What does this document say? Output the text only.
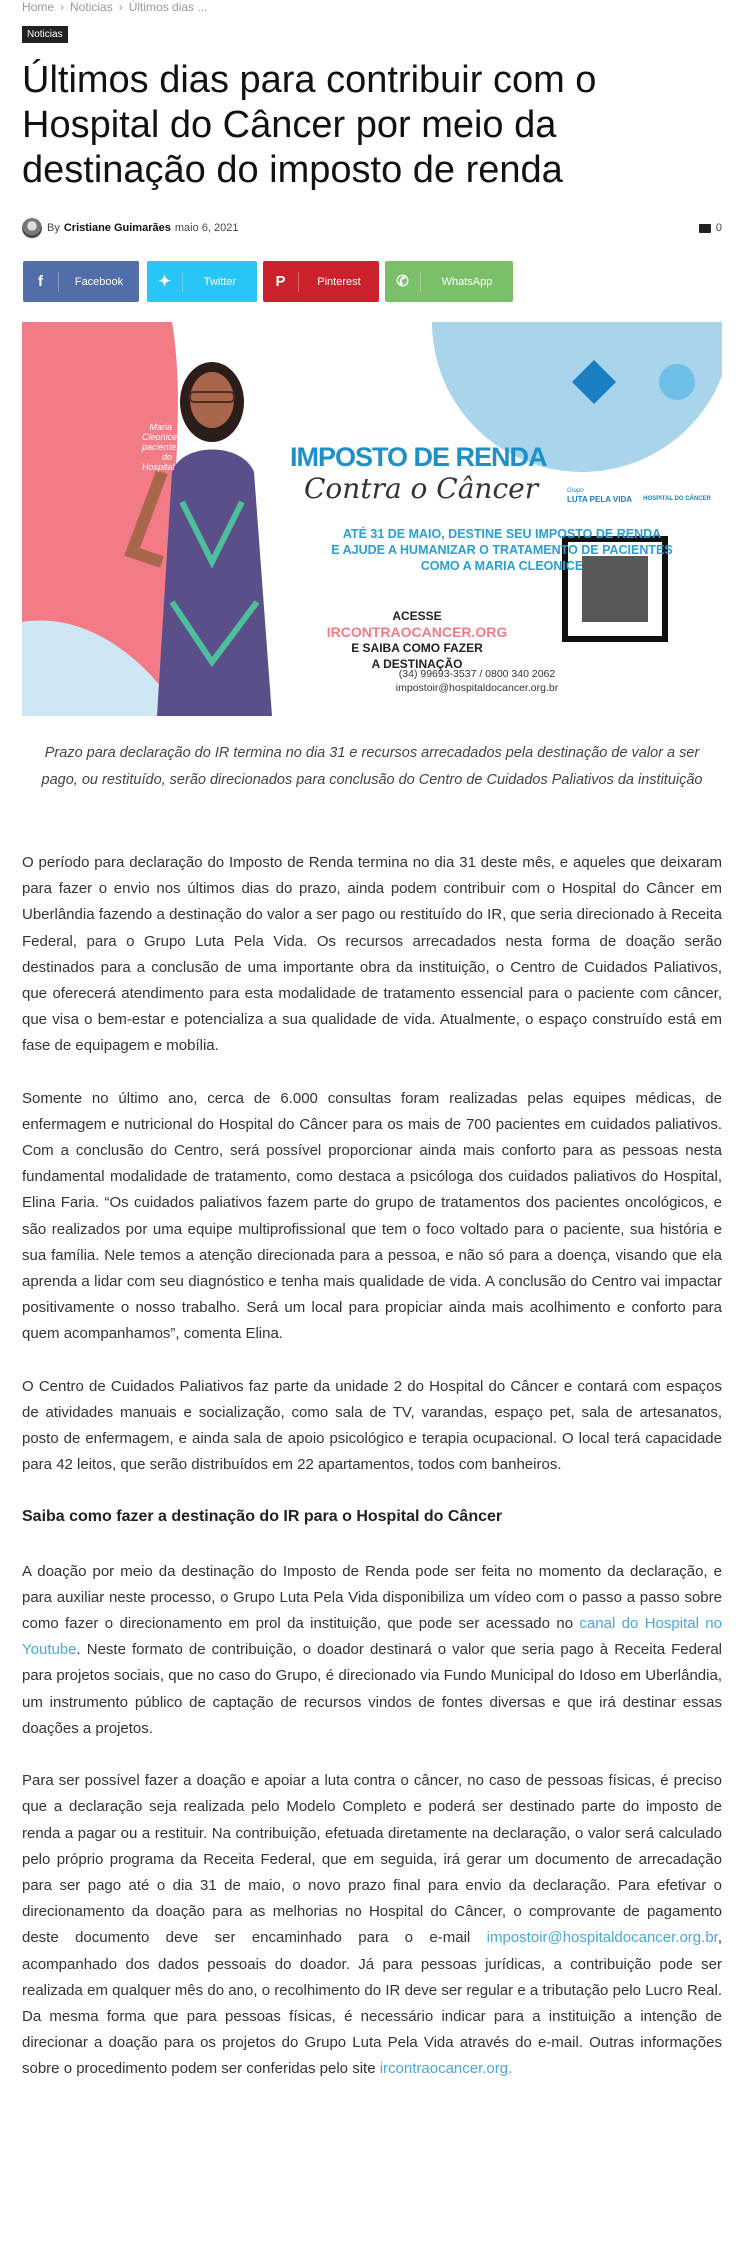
Home › Noticias › Últimos dias ...
Noticias
Últimos dias para contribuir com o Hospital do Câncer por meio da destinação do imposto de renda
By Cristiane Guimarães maio 6, 2021	0
f	Facebook	✦	Twitter	P	Pinterest	✆	WhatsApp
Maria Cleonice
paciente
do Hospital	IMPOSTO DE RENDA
Contra o Câncer	Grupo
LUTA PELA VIDA HOSPITAL DO CÂNCER
ATÉ 31 DE MAIO, DESTINE SEU IMPOSTO DE RENDA
E AJUDE A HUMANIZAR O TRATAMENTO DE PACIENTES
COMO A MARIA CLEONICE
ACESSE
IRCONTRAOCANCER.ORG
E SAIBA COMO FAZER
A DESTINAÇÃO
(34) 99693-3537 / 0800 340 2062
impostoir@hospitaldocancer.org.br
Prazo para declaração do IR termina no dia 31 e recursos arrecadados pela destinação de valor a ser pago, ou restituído, serão direcionados para conclusão do Centro de Cuidados Paliativos da instituição

O período para declaração do Imposto de Renda termina no dia 31 deste mês, e aqueles que deixaram para fazer o envio nos últimos dias do prazo, ainda podem contribuir com o Hospital do Câncer em Uberlândia fazendo a destinação do valor a ser pago ou restituído do IR, que seria direcionado à Receita Federal, para o Grupo Luta Pela Vida. Os recursos arrecadados nesta forma de doação serão destinados para a conclusão de uma importante obra da instituição, o Centro de Cuidados Paliativos, que oferecerá atendimento para esta modalidade de tratamento essencial para o paciente com câncer, que visa o bem-estar e potencializa a sua qualidade de vida. Atualmente, o espaço construído está em fase de equipagem e mobília.

Somente no último ano, cerca de 6.000 consultas foram realizadas pelas equipes médicas, de enfermagem e nutricional do Hospital do Câncer para os mais de 700 pacientes em cuidados paliativos. Com a conclusão do Centro, será possível proporcionar ainda mais conforto para as pessoas nesta fundamental modalidade de tratamento, como destaca a psicóloga dos cuidados paliativos do Hospital, Elina Faria. “Os cuidados paliativos fazem parte do grupo de tratamentos dos pacientes oncológicos, e são realizados por uma equipe multiprofissional que tem o foco voltado para o paciente, sua história e sua família. Nele temos a atenção direcionada para a pessoa, e não só para a doença, visando que ela aprenda a lidar com seu diagnóstico e tenha mais qualidade de vida. A conclusão do Centro vai impactar positivamente o nosso trabalho. Será um local para propiciar ainda mais acolhimento e conforto para quem acompanhamos”, comenta Elina.

O Centro de Cuidados Paliativos faz parte da unidade 2 do Hospital do Câncer e contará com espaços de atividades manuais e socialização, como sala de TV, varandas, espaço pet, sala de artesanatos, posto de enfermagem, e ainda sala de apoio psicológico e terapia ocupacional. O local terá capacidade para 42 leitos, que serão distribuídos em 22 apartamentos, todos com banheiros.

Saiba como fazer a destinação do IR para o Hospital do Câncer

A doação por meio da destinação do Imposto de Renda pode ser feita no momento da declaração, e para auxiliar neste processo, o Grupo Luta Pela Vida disponibiliza um vídeo com o passo a passo sobre como fazer o direcionamento em prol da instituição, que pode ser acessado no canal do Hospital no Youtube. Neste formato de contribuição, o doador destinará o valor que seria pago à Receita Federal para projetos sociais, que no caso do Grupo, é direcionado via Fundo Municipal do Idoso em Uberlândia, um instrumento público de captação de recursos vindos de fontes diversas e que irá destinar essas doações a projetos.

Para ser possível fazer a doação e apoiar a luta contra o câncer, no caso de pessoas físicas, é preciso que a declaração seja realizada pelo Modelo Completo e poderá ser destinado parte do imposto de renda a pagar ou a restituir. Na contribuição, efetuada diretamente na declaração, o valor será calculado pelo próprio programa da Receita Federal, que em seguida, irá gerar um documento de arrecadação para ser pago até o dia 31 de maio, o novo prazo final para envio da declaração. Para efetivar o direcionamento da doação para as melhorias no Hospital do Câncer, o comprovante de pagamento deste documento deve ser encaminhado para o e-mail impostoir@hospitaldocancer.org.br, acompanhado dos dados pessoais do doador. Já para pessoas jurídicas, a contribuição pode ser realizada em qualquer mês do ano, o recolhimento do IR deve ser regular e a tributação pelo Lucro Real. Da mesma forma que para pessoas físicas, é necessário indicar para a instituição a intenção de direcionar a doação para os projetos do Grupo Luta Pela Vida através do e-mail. Outras informações sobre o procedimento podem ser conferidas pelo site ircontraocancer.org.
